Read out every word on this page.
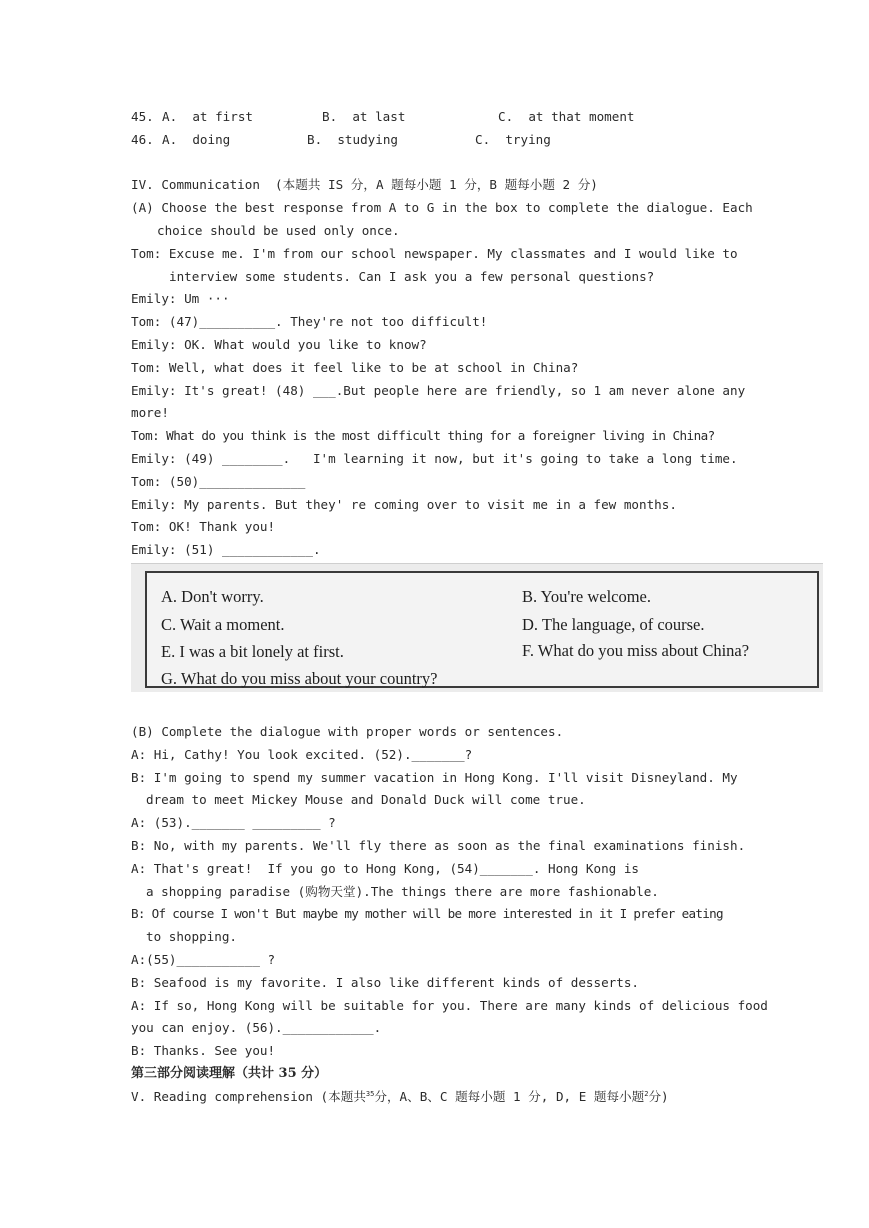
45. A.  at first	B.  at last	C.  at that moment
46. A.  doing	B.  studying	C.  trying
IV. Communication  (本题共 IS 分，A 题每小题 1 分，B 题每小题 2 分)
(A) Choose the best response from A to G in the box to complete the dialogue. Each
choice should be used only once.
Tom: Excuse me. I'm from our school newspaper. My classmates and I would like to
interview some students. Can I ask you a few personal questions?
Emily: Um ···
Tom: (47)__________. They're not too difficult!
Emily: OK. What would you like to know?
Tom: Well, what does it feel like to be at school in China?
Emily: It's great! (48) ___.But people here are friendly, so 1 am never alone any
more!
Tom: What do you think is the most difficult thing for a foreigner living in China?
Emily: (49) ________.   I'm learning it now, but it's going to take a long time.
Tom: (50)______________
Emily: My parents. But they' re coming over to visit me in a few months.
Tom: OK! Thank you!
Emily: (51) ____________.
(B) Complete the dialogue with proper words or sentences.
A: Hi, Cathy! You look excited. (52)._______?
B: I'm going to spend my summer vacation in Hong Kong. I'll visit Disneyland. My
dream to meet Mickey Mouse and Donald Duck will come true.
A: (53)._______ _________ ?
B: No, with my parents. We'll fly there as soon as the final examinations finish.
A: That's great!  If you go to Hong Kong, (54)_______. Hong Kong is
a shopping paradise (购物天堂).The things there are more fashionable.
B: Of course I won't But maybe my mother will be more interested in it I prefer eating
to shopping.
A:(55)___________ ?
B: Seafood is my favorite. I also like different kinds of desserts.
A: If so, Hong Kong will be suitable for you. There are many kinds of delicious food
you can enjoy. (56).____________.
B: Thanks. See you!
第三部分阅读理解（共计 35 分）
V. Reading comprehension (本题共$^{35}$分，A、B、C 题每小题 1 分, D, E 题每小题$^2$分)
A. Don't worry.	B. You're welcome.
C. Wait a moment.	D. The language, of course.
E. I was a bit lonely at first.	F. What do you miss about China?
G. What do you miss about your country?
